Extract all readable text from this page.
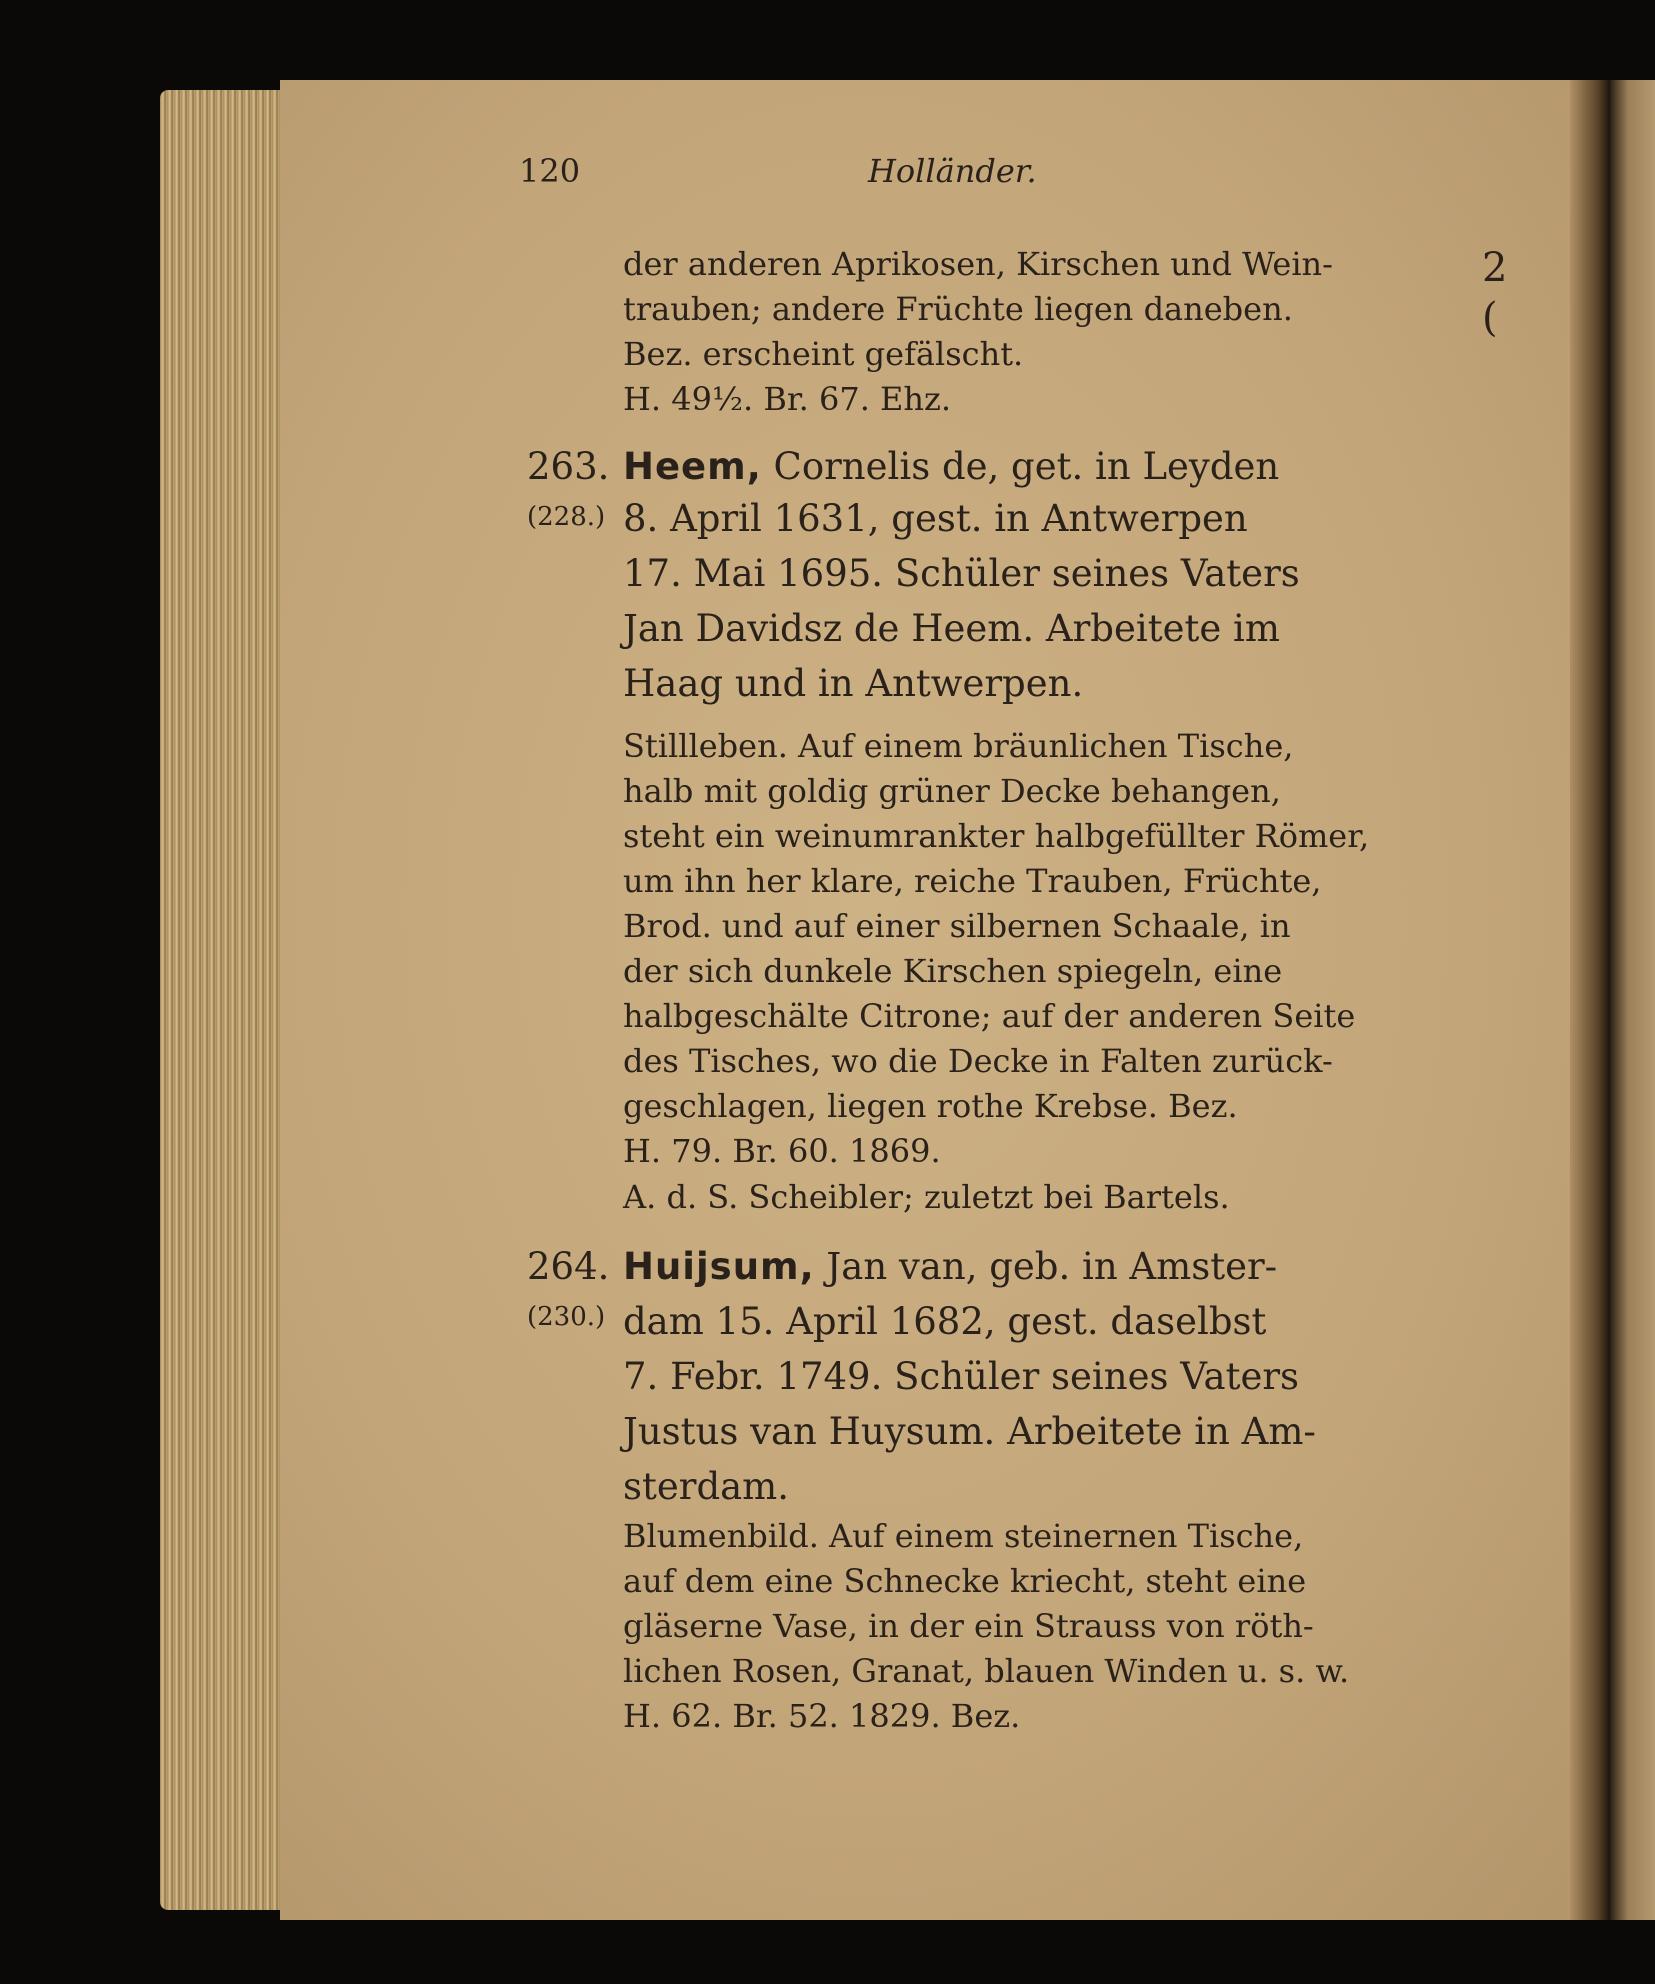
2
(
120	Holländer.
der anderen Aprikosen, Kirschen und Wein-
trauben; andere Früchte liegen daneben.
Bez. erscheint gefälscht.
H. 49½. Br. 67. Ehz.
263.
(228.)
Heem, Cornelis de, get. in Leyden
8. April 1631, gest. in Antwerpen
17. Mai 1695. Schüler seines Vaters
Jan Davidsz de Heem. Arbeitete im
Haag und in Antwerpen.
Stillleben. Auf einem bräunlichen Tische,
halb mit goldig grüner Decke behangen,
steht ein weinumrankter halbgefüllter Römer,
um ihn her klare, reiche Trauben, Früchte,
Brod. und auf einer silbernen Schaale, in
der sich dunkele Kirschen spiegeln, eine
halbgeschälte Citrone; auf der anderen Seite
des Tisches, wo die Decke in Falten zurück-
geschlagen, liegen rothe Krebse. Bez.
H. 79. Br. 60. 1869.
A. d. S. Scheibler; zuletzt bei Bartels.
264.
(230.)
Huijsum, Jan van, geb. in Amster-
dam 15. April 1682, gest. daselbst
7. Febr. 1749. Schüler seines Vaters
Justus van Huysum. Arbeitete in Am-
sterdam.
Blumenbild. Auf einem steinernen Tische,
auf dem eine Schnecke kriecht, steht eine
gläserne Vase, in der ein Strauss von röth-
lichen Rosen, Granat, blauen Winden u. s. w.
H. 62. Br. 52. 1829. Bez.
